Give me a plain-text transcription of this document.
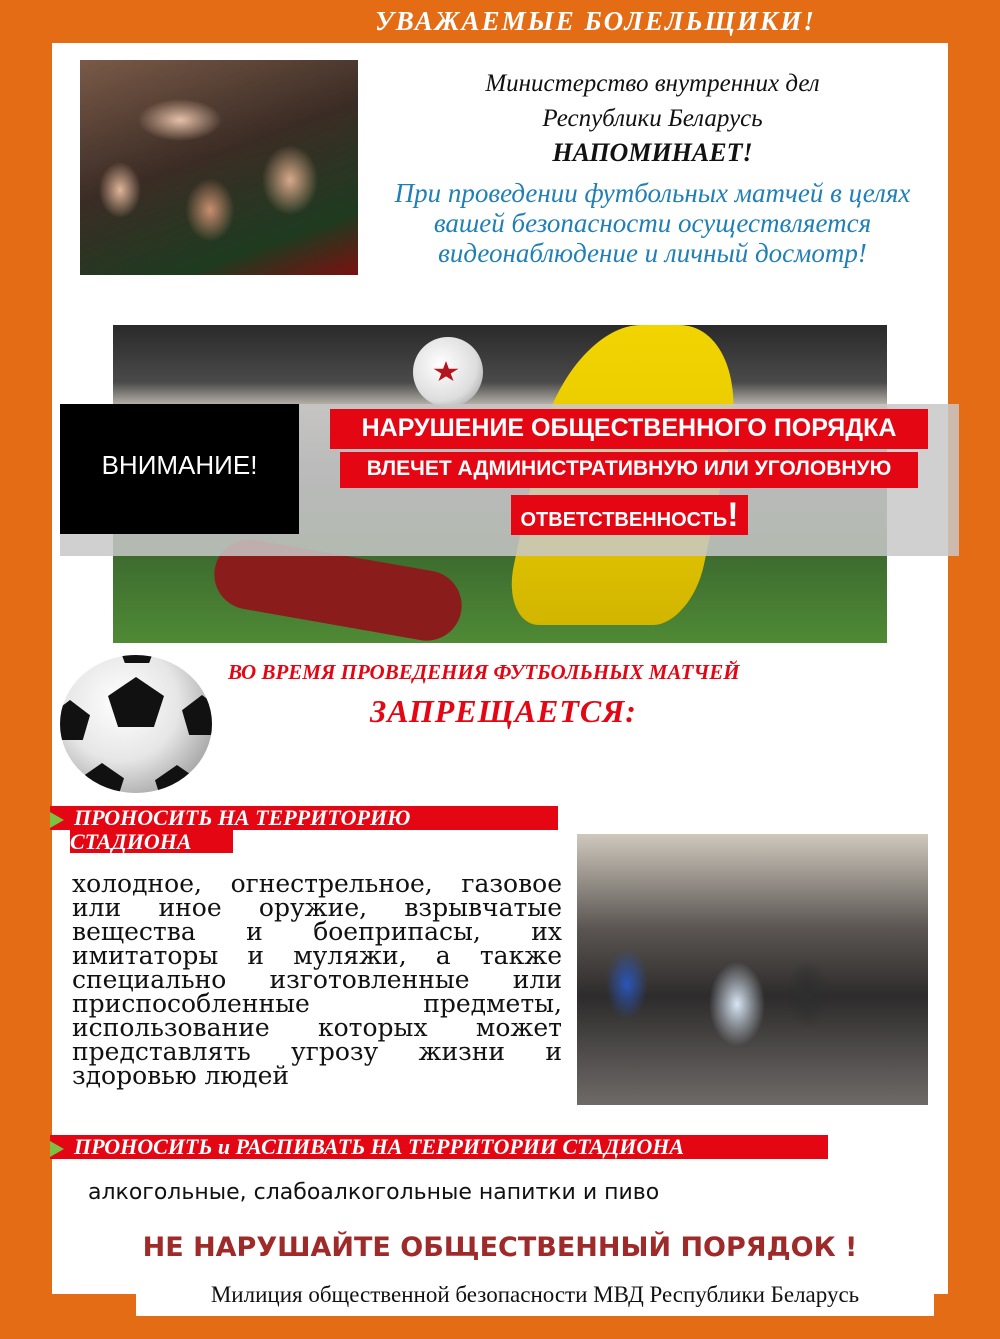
УВАЖАЕМЫЕ БОЛЕЛЬЩИКИ!
Министерство внутренних дел
Республики Беларусь
НАПОМИНАЕТ!
При проведении футбольных матчей в целях вашей безопасности осуществляется видеонаблюдение и личный досмотр!
ВНИМАНИЕ!
НАРУШЕНИЕ ОБЩЕСТВЕННОГО ПОРЯДКА
ВЛЕЧЕТ АДМИНИСТРАТИВНУЮ ИЛИ УГОЛОВНУЮ
ОТВЕТСТВЕННОСТЬ!
ВО ВРЕМЯ ПРОВЕДЕНИЯ ФУТБОЛЬНЫХ МАТЧЕЙ
ЗАПРЕЩАЕТСЯ:
ПРОНОСИТЬ НА ТЕРРИТОРИЮ
СТАДИОНА
холодное, огнестрельное, газовое или иное оружие, взрывчатые вещества и боеприпасы, их имитаторы и муляжи, а также специально изготовленные или приспособленные предметы, использование которых может представлять угрозу жизни и здоровью людей
ПРОНОСИТЬ и РАСПИВАТЬ НА ТЕРРИТОРИИ СТАДИОНА
алкогольные, слабоалкогольные напитки и пиво
НЕ НАРУШАЙТЕ ОБЩЕСТВЕННЫЙ ПОРЯДОК !
Милиция общественной безопасности МВД Республики Беларусь
